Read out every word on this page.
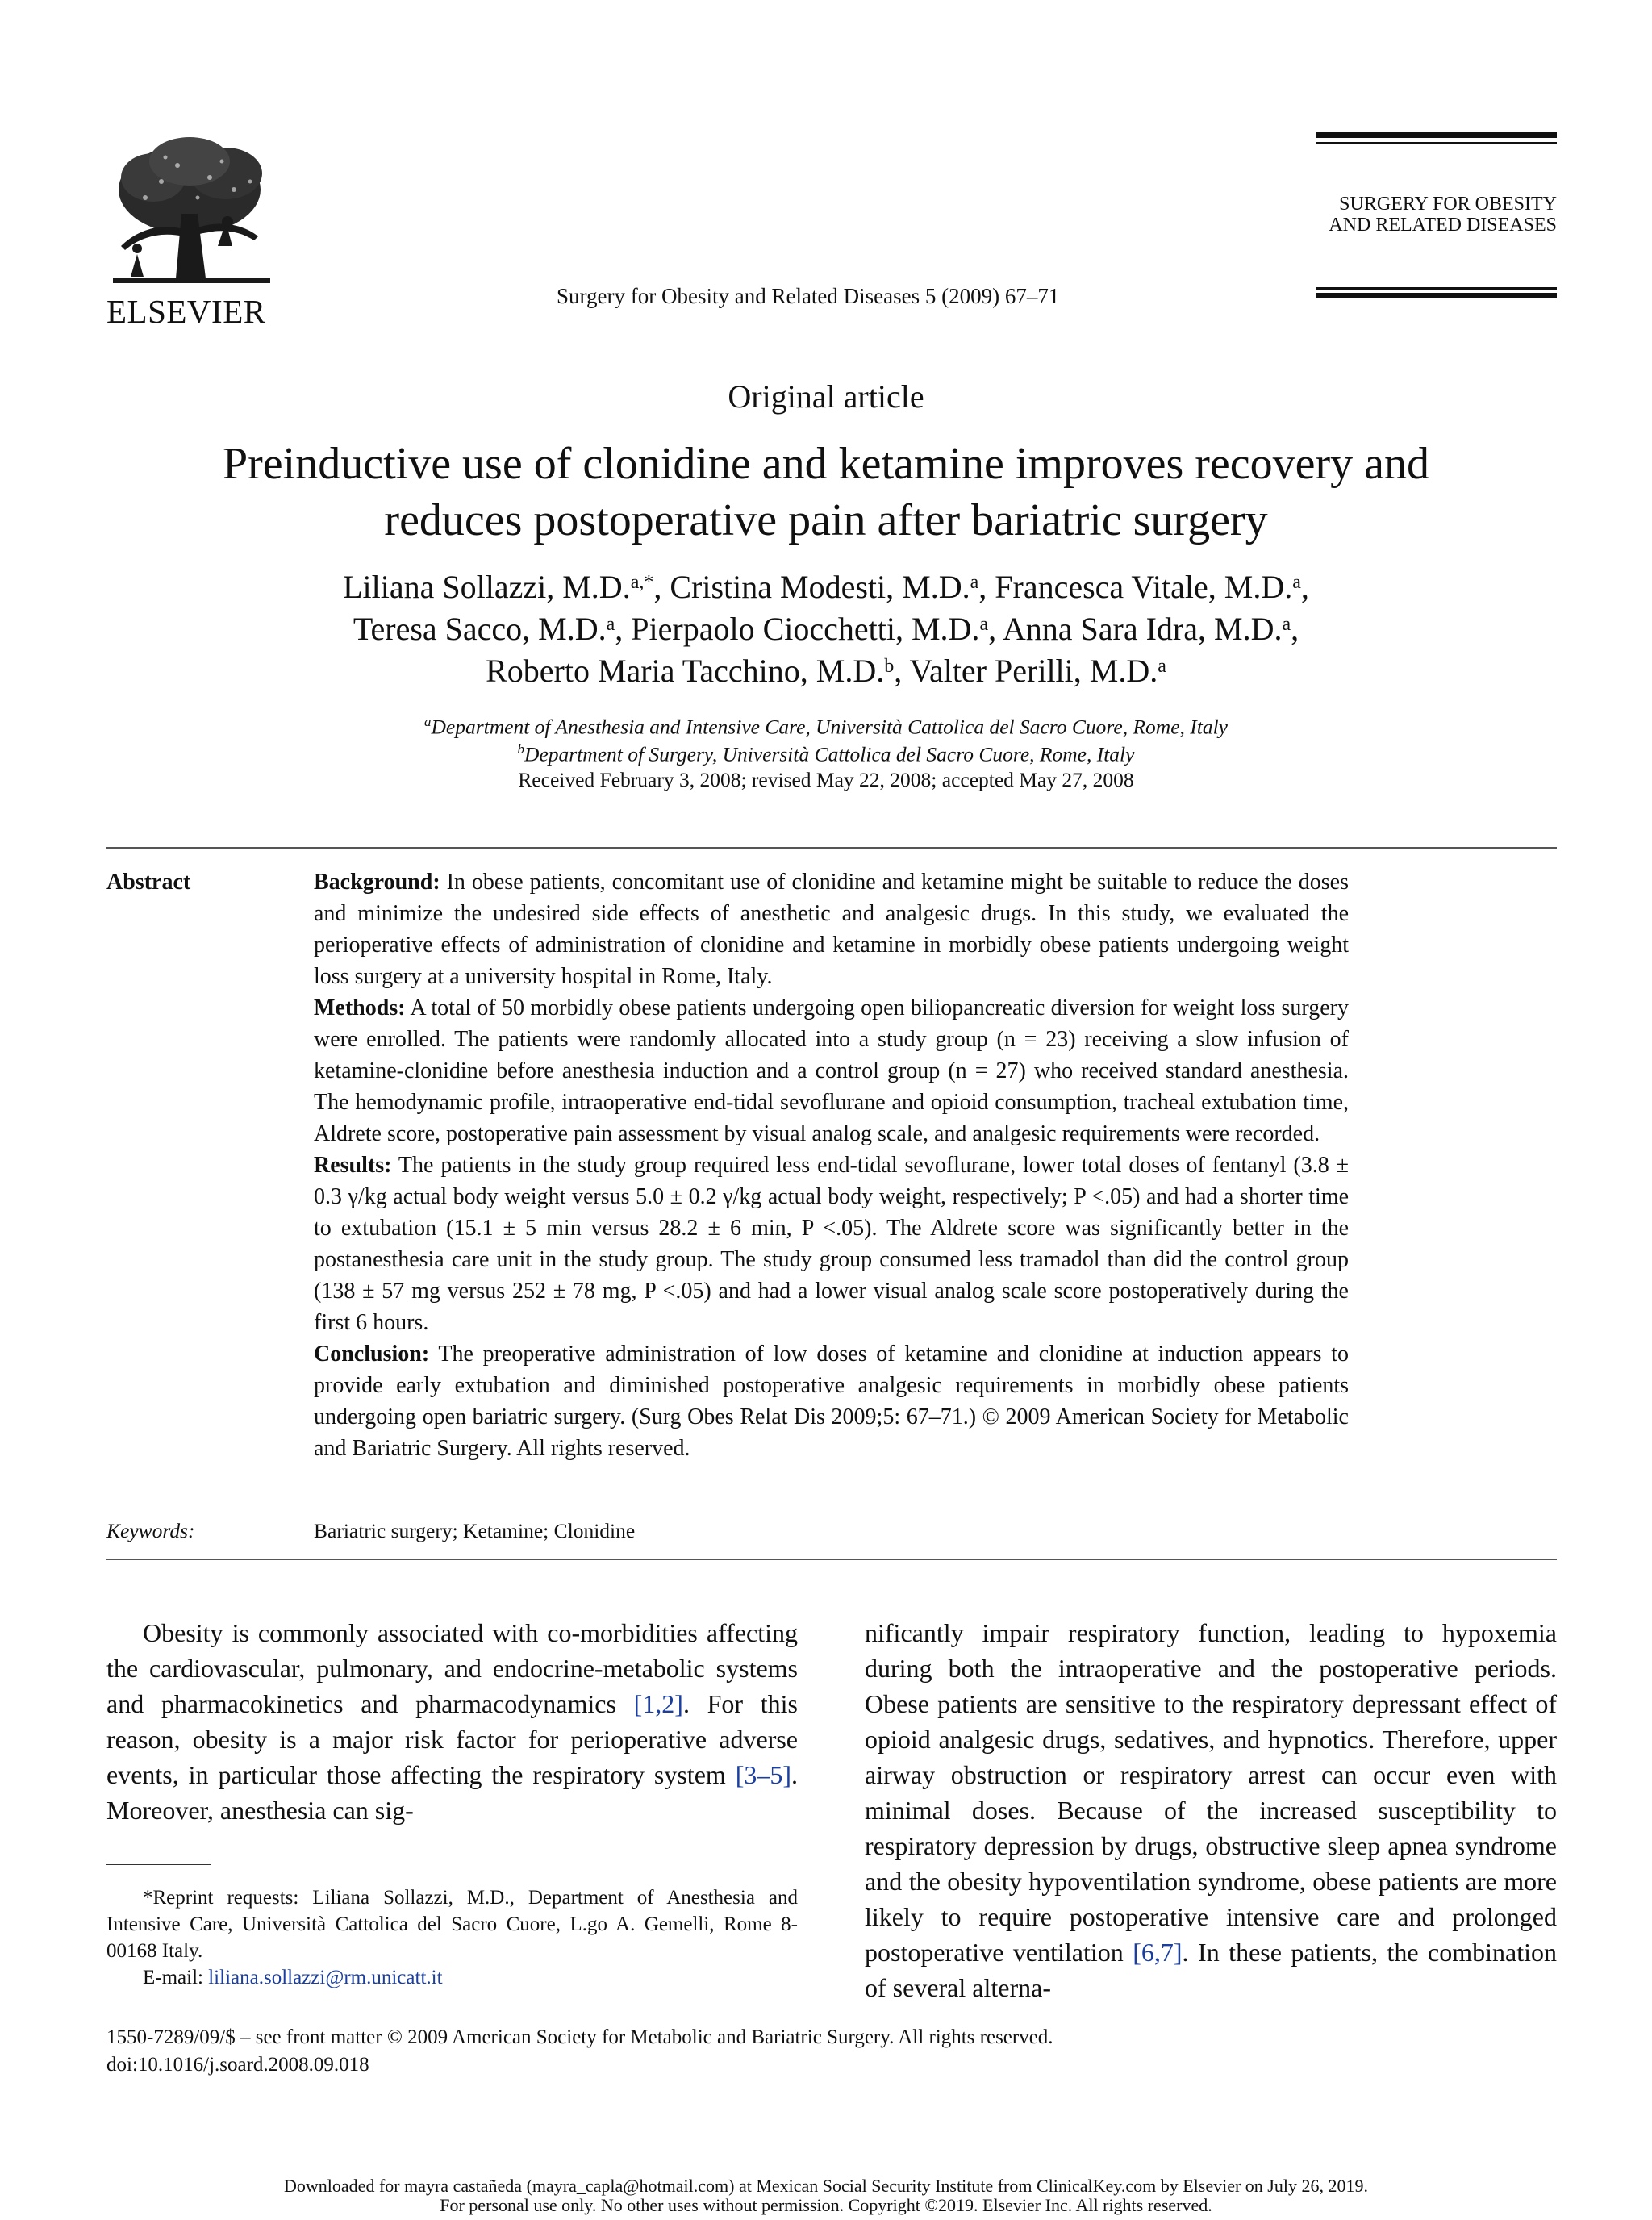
ELSEVIER	Surgery for Obesity and Related Diseases 5 (2009) 67–71
SURGERY FOR OBESITY
AND RELATED DISEASES
Original article
Preinductive use of clonidine and ketamine improves recovery and
reduces postoperative pain after bariatric surgery
Liliana Sollazzi, M.D.$^{a,*}$, Cristina Modesti, M.D.$^a$, Francesca Vitale, M.D.$^a$,
Teresa Sacco, M.D.$^a$, Pierpaolo Ciocchetti, M.D.$^a$, Anna Sara Idra, M.D.$^a$,
Roberto Maria Tacchino, M.D.$^b$, Valter Perilli, M.D.$^a$
$^a$Department of Anesthesia and Intensive Care, Università Cattolica del Sacro Cuore, Rome, Italy
$^b$Department of Surgery, Università Cattolica del Sacro Cuore, Rome, Italy
Received February 3, 2008; revised May 22, 2008; accepted May 27, 2008
Abstract	Background: In obese patients, concomitant use of clonidine and ketamine might be suitable to reduce the doses and minimize the undesired side effects of anesthetic and analgesic drugs. In this study, we evaluated the perioperative effects of administration of clonidine and ketamine in morbidly obese patients undergoing weight loss surgery at a university hospital in Rome, Italy.

Methods: A total of 50 morbidly obese patients undergoing open biliopancreatic diversion for weight loss surgery were enrolled. The patients were randomly allocated into a study group (n = 23) receiving a slow infusion of ketamine-clonidine before anesthesia induction and a control group (n = 27) who received standard anesthesia. The hemodynamic profile, intraoperative end-tidal sevoflurane and opioid consumption, tracheal extubation time, Aldrete score, postoperative pain assessment by visual analog scale, and analgesic requirements were recorded.

Results: The patients in the study group required less end-tidal sevoflurane, lower total doses of fentanyl (3.8 ± 0.3 γ/kg actual body weight versus 5.0 ± 0.2 γ/kg actual body weight, respectively; P <.05) and had a shorter time to extubation (15.1 ± 5 min versus 28.2 ± 6 min, P <.05). The Aldrete score was significantly better in the postanesthesia care unit in the study group. The study group consumed less tramadol than did the control group (138 ± 57 mg versus 252 ± 78 mg, P <.05) and had a lower visual analog scale score postoperatively during the first 6 hours.

Conclusion: The preoperative administration of low doses of ketamine and clonidine at induction appears to provide early extubation and diminished postoperative analgesic requirements in morbidly obese patients undergoing open bariatric surgery. (Surg Obes Relat Dis 2009;5: 67–71.) © 2009 American Society for Metabolic and Bariatric Surgery. All rights reserved.

Keywords:	Bariatric surgery; Ketamine; Clonidine
Obesity is commonly associated with co-morbidities affecting the cardiovascular, pulmonary, and endocrine-metabolic systems and pharmacokinetics and pharmacodynamics [1,2]. For this reason, obesity is a major risk factor for perioperative adverse events, in particular those affecting the respiratory system [3–5]. Moreover, anesthesia can sig-
nificantly impair respiratory function, leading to hypoxemia during both the intraoperative and the postoperative periods. Obese patients are sensitive to the respiratory depressant effect of opioid analgesic drugs, sedatives, and hypnotics. Therefore, upper airway obstruction or respiratory arrest can occur even with minimal doses. Because of the increased susceptibility to respiratory depression by drugs, obstructive sleep apnea syndrome and the obesity hypoventilation syndrome, obese patients are more likely to require postoperative intensive care and prolonged postoperative ventilation [6,7]. In these patients, the combination of several alterna-
*Reprint requests: Liliana Sollazzi, M.D., Department of Anesthesia and Intensive Care, Università Cattolica del Sacro Cuore, L.go A. Gemelli, Rome 8-00168 Italy.
E-mail: liliana.sollazzi@rm.unicatt.it
1550-7289/09/$ – see front matter © 2009 American Society for Metabolic and Bariatric Surgery. All rights reserved.
doi:10.1016/j.soard.2008.09.018
Downloaded for mayra castañeda (mayra_capla@hotmail.com) at Mexican Social Security Institute from ClinicalKey.com by Elsevier on July 26, 2019.
For personal use only. No other uses without permission. Copyright ©2019. Elsevier Inc. All rights reserved.
